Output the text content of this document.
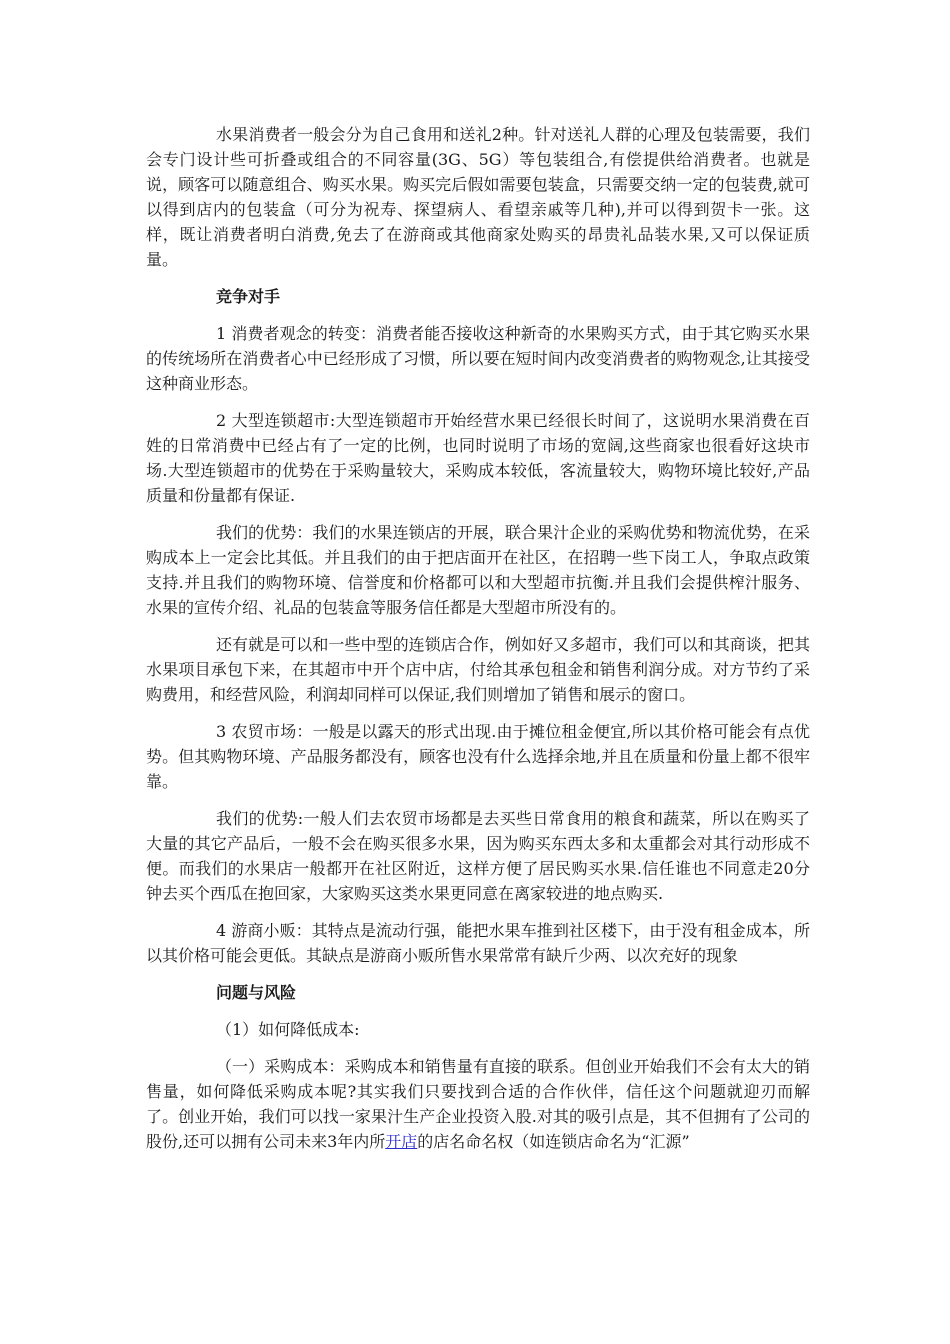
水果消费者一般会分为自己食用和送礼2种。针对送礼人群的心理及包装需要，我们会专门设计些可折叠或组合的不同容量(3G、5G）等包装组合,有偿提供给消费者。也就是说，顾客可以随意组合、购买水果。购买完后假如需要包装盒，只需要交纳一定的包装费,就可以得到店内的包装盒（可分为祝寿、探望病人、看望亲戚等几种),并可以得到贺卡一张。这样，既让消费者明白消费,免去了在游商或其他商家处购买的昂贵礼品装水果,又可以保证质量。

竞争对手

1 消费者观念的转变：消费者能否接收这种新奇的水果购买方式，由于其它购买水果的传统场所在消费者心中已经形成了习惯，所以要在短时间内改变消费者的购物观念,让其接受这种商业形态。

2 大型连锁超市:大型连锁超市开始经营水果已经很长时间了，这说明水果消费在百姓的日常消费中已经占有了一定的比例，也同时说明了市场的宽阔,这些商家也很看好这块市场.大型连锁超市的优势在于采购量较大，采购成本较低，客流量较大，购物环境比较好,产品质量和份量都有保证.

我们的优势：我们的水果连锁店的开展，联合果汁企业的采购优势和物流优势，在采购成本上一定会比其低。并且我们的由于把店面开在社区，在招聘一些下岗工人，争取点政策支持.并且我们的购物环境、信誉度和价格都可以和大型超市抗衡.并且我们会提供榨汁服务、水果的宣传介绍、礼品的包装盒等服务信任都是大型超市所没有的。

还有就是可以和一些中型的连锁店合作，例如好又多超市，我们可以和其商谈，把其水果项目承包下来，在其超市中开个店中店，付给其承包租金和销售利润分成。对方节约了采购费用，和经营风险，利润却同样可以保证,我们则增加了销售和展示的窗口。

3 农贸市场：一般是以露天的形式出现.由于摊位租金便宜,所以其价格可能会有点优势。但其购物环境、产品服务都没有，顾客也没有什么选择余地,并且在质量和份量上都不很牢靠。

我们的优势:一般人们去农贸市场都是去买些日常食用的粮食和蔬菜，所以在购买了大量的其它产品后，一般不会在购买很多水果，因为购买东西太多和太重都会对其行动形成不便。而我们的水果店一般都开在社区附近，这样方便了居民购买水果.信任谁也不同意走20分钟去买个西瓜在抱回家，大家购买这类水果更同意在离家较进的地点购买.

4 游商小贩：其特点是流动行强，能把水果车推到社区楼下，由于没有租金成本，所以其价格可能会更低。其缺点是游商小贩所售水果常常有缺斤少两、以次充好的现象

问题与风险

（1）如何降低成本:

（一）采购成本：采购成本和销售量有直接的联系。但创业开始我们不会有太大的销售量，如何降低采购成本呢?其实我们只要找到合适的合作伙伴，信任这个问题就迎刃而解了。创业开始，我们可以找一家果汁生产企业投资入股.对其的吸引点是，其不但拥有了公司的股份,还可以拥有公司未来3年内所开店的店名命名权（如连锁店命名为“汇源”
